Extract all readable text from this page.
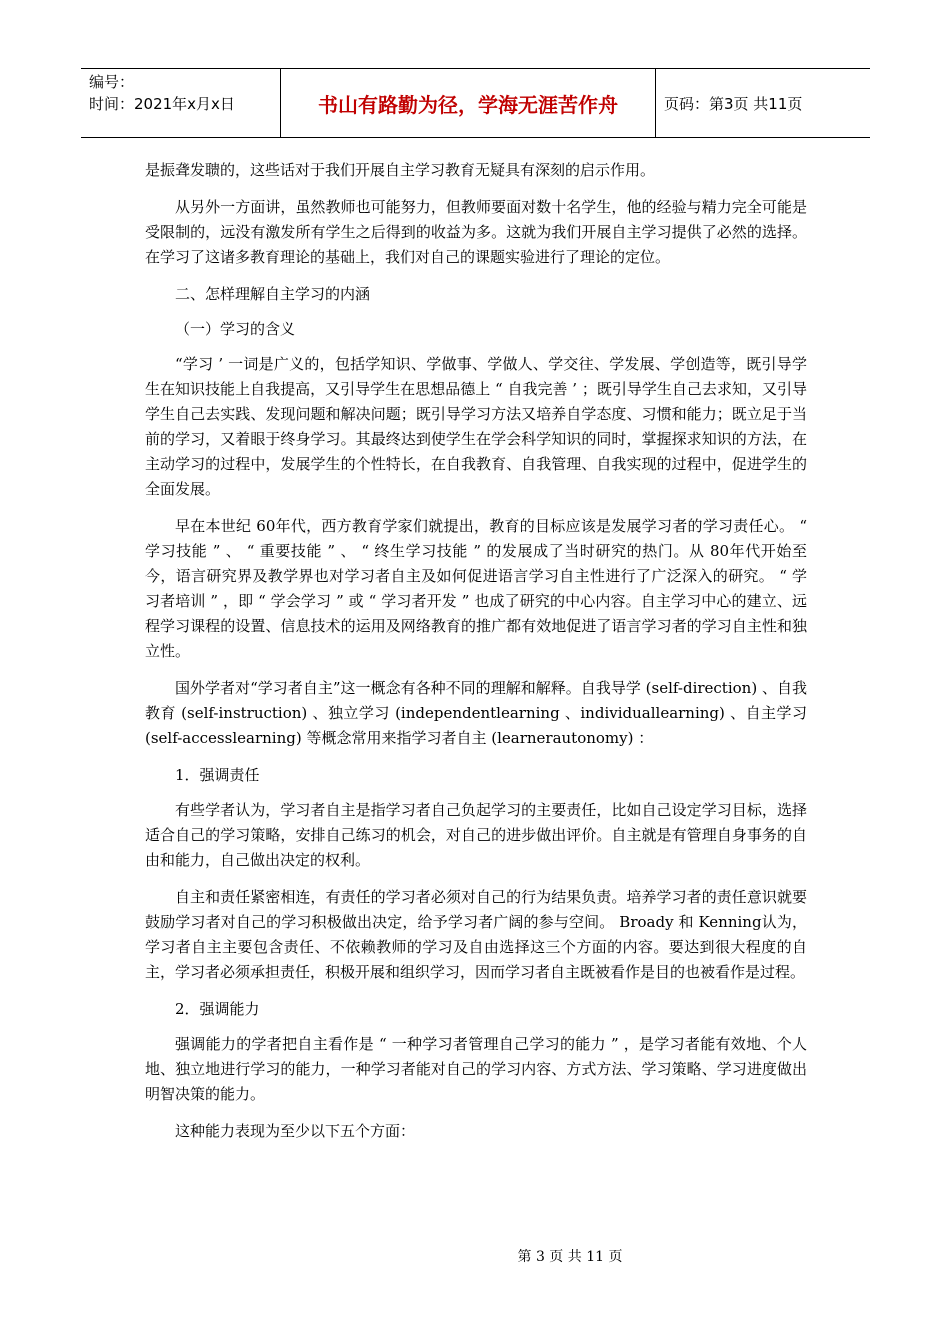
编号：
时间：2021年x月x日	书山有路勤为径，学海无涯苦作舟	页码：第3页 共11页
是振聋发聩的，这些话对于我们开展自主学习教育无疑具有深刻的启示作用。
从另外一方面讲，虽然教师也可能努力，但教师要面对数十名学生，他的经验与精力完全可能是受限制的，远没有激发所有学生之后得到的收益为多。这就为我们开展自主学习提供了必然的选择。在学习了这诸多教育理论的基础上，我们对自己的课题实验进行了理论的定位。
二、怎样理解自主学习的内涵
（一）学习的含义
“学习 ’ 一词是广义的，包括学知识、学做事、学做人、学交往、学发展、学创造等，既引导学生在知识技能上自我提高，又引导学生在思想品德上 “ 自我完善 ’ ；既引导学生自己去求知，又引导学生自己去实践、发现问题和解决问题；既引导学习方法又培养自学态度、习惯和能力；既立足于当前的学习，又着眼于终身学习。其最终达到使学生在学会科学知识的同时，掌握探求知识的方法，在主动学习的过程中，发展学生的个性特长，在自我教育、自我管理、自我实现的过程中，促进学生的全面发展。
早在本世纪 60年代，西方教育学家们就提出，教育的目标应该是发展学习者的学习责任心。 “ 学习技能 ” 、 “ 重要技能 ” 、 “ 终生学习技能 ” 的发展成了当时研究的热门。从 80年代开始至今，语言研究界及教学界也对学习者自主及如何促进语言学习自主性进行了广泛深入的研究。 “ 学习者培训 ” ，即 “ 学会学习 ” 或 “ 学习者开发 ” 也成了研究的中心内容。自主学习中心的建立、远程学习课程的设置、信息技术的运用及网络教育的推广都有效地促进了语言学习者的学习自主性和独立性。
国外学者对“学习者自主”这一概念有各种不同的理解和解释。自我导学 (self-direction) 、自我教育 (self-instruction) 、独立学习 (independentlearning 、individuallearning) 、自主学习 (self-accesslearning) 等概念常用来指学习者自主 (learnerautonomy) ：
1．强调责任
有些学者认为，学习者自主是指学习者自己负起学习的主要责任，比如自己设定学习目标，选择适合自己的学习策略，安排自己练习的机会，对自己的进步做出评价。自主就是有管理自身事务的自由和能力，自己做出决定的权利。
自主和责任紧密相连，有责任的学习者必须对自己的行为结果负责。培养学习者的责任意识就要鼓励学习者对自己的学习积极做出决定，给予学习者广阔的参与空间。 Broady 和 Kenning认为，学习者自主主要包含责任、不依赖教师的学习及自由选择这三个方面的内容。要达到很大程度的自主，学习者必须承担责任，积极开展和组织学习，因而学习者自主既被看作是目的也被看作是过程。
2．强调能力
强调能力的学者把自主看作是 “ 一种学习者管理自己学习的能力 ” ，是学习者能有效地、个人地、独立地进行学习的能力，一种学习者能对自己的学习内容、方式方法、学习策略、学习进度做出明智决策的能力。
这种能力表现为至少以下五个方面：
第 3 页 共 11 页
